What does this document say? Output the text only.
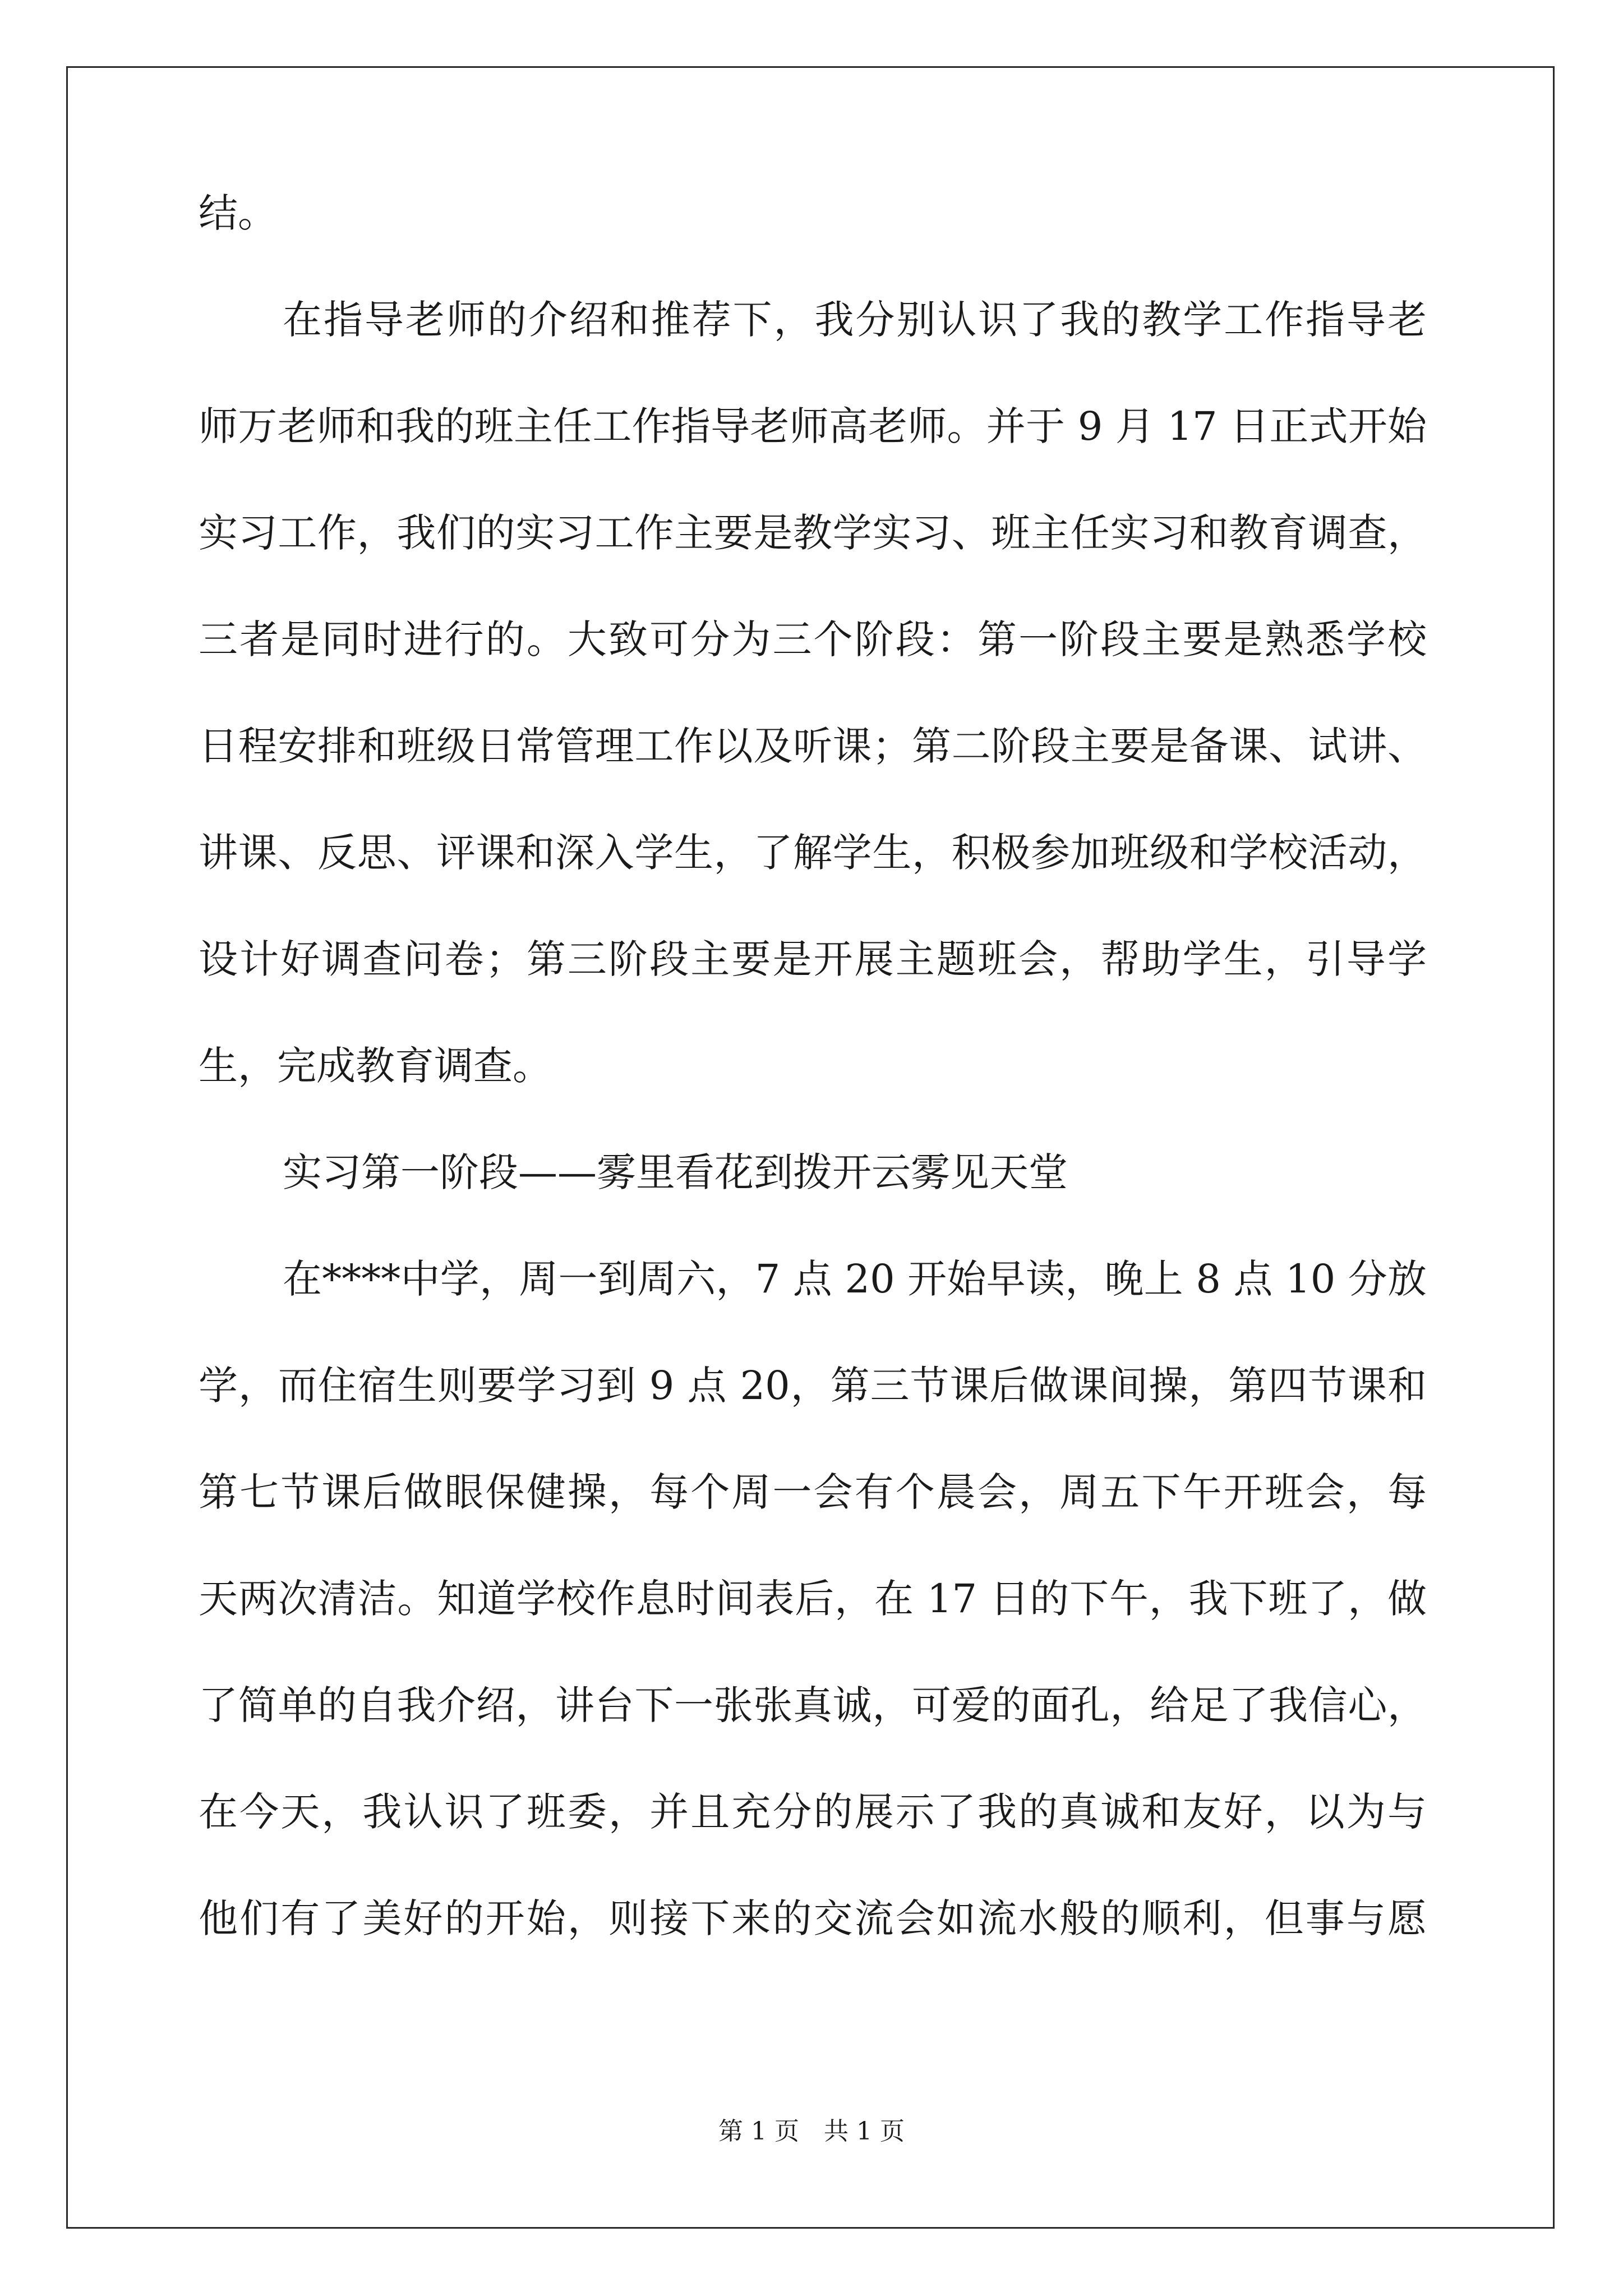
结。
在指导老师的介绍和推荐下，我分别认识了我的教学工作指导老
师万老师和我的班主任工作指导老师高老师。并于 9 月 17 日正式开始
实习工作，我们的实习工作主要是教学实习、班主任实习和教育调查，
三者是同时进行的。大致可分为三个阶段：第一阶段主要是熟悉学校
日程安排和班级日常管理工作以及听课；第二阶段主要是备课、试讲、
讲课、反思、评课和深入学生，了解学生，积极参加班级和学校活动，
设计好调查问卷；第三阶段主要是开展主题班会，帮助学生，引导学
生，完成教育调查。
实习第一阶段——雾里看花到拨开云雾见天堂
在****中学，周一到周六，7 点 20 开始早读，晚上 8 点 10 分放
学，而住宿生则要学习到 9 点 20，第三节课后做课间操，第四节课和
第七节课后做眼保健操，每个周一会有个晨会，周五下午开班会，每
天两次清洁。知道学校作息时间表后，在 17 日的下午，我下班了，做
了简单的自我介绍，讲台下一张张真诚，可爱的面孔，给足了我信心，
在今天，我认识了班委，并且充分的展示了我的真诚和友好，以为与
他们有了美好的开始，则接下来的交流会如流水般的顺利，但事与愿
第 1 页 共 1 页
